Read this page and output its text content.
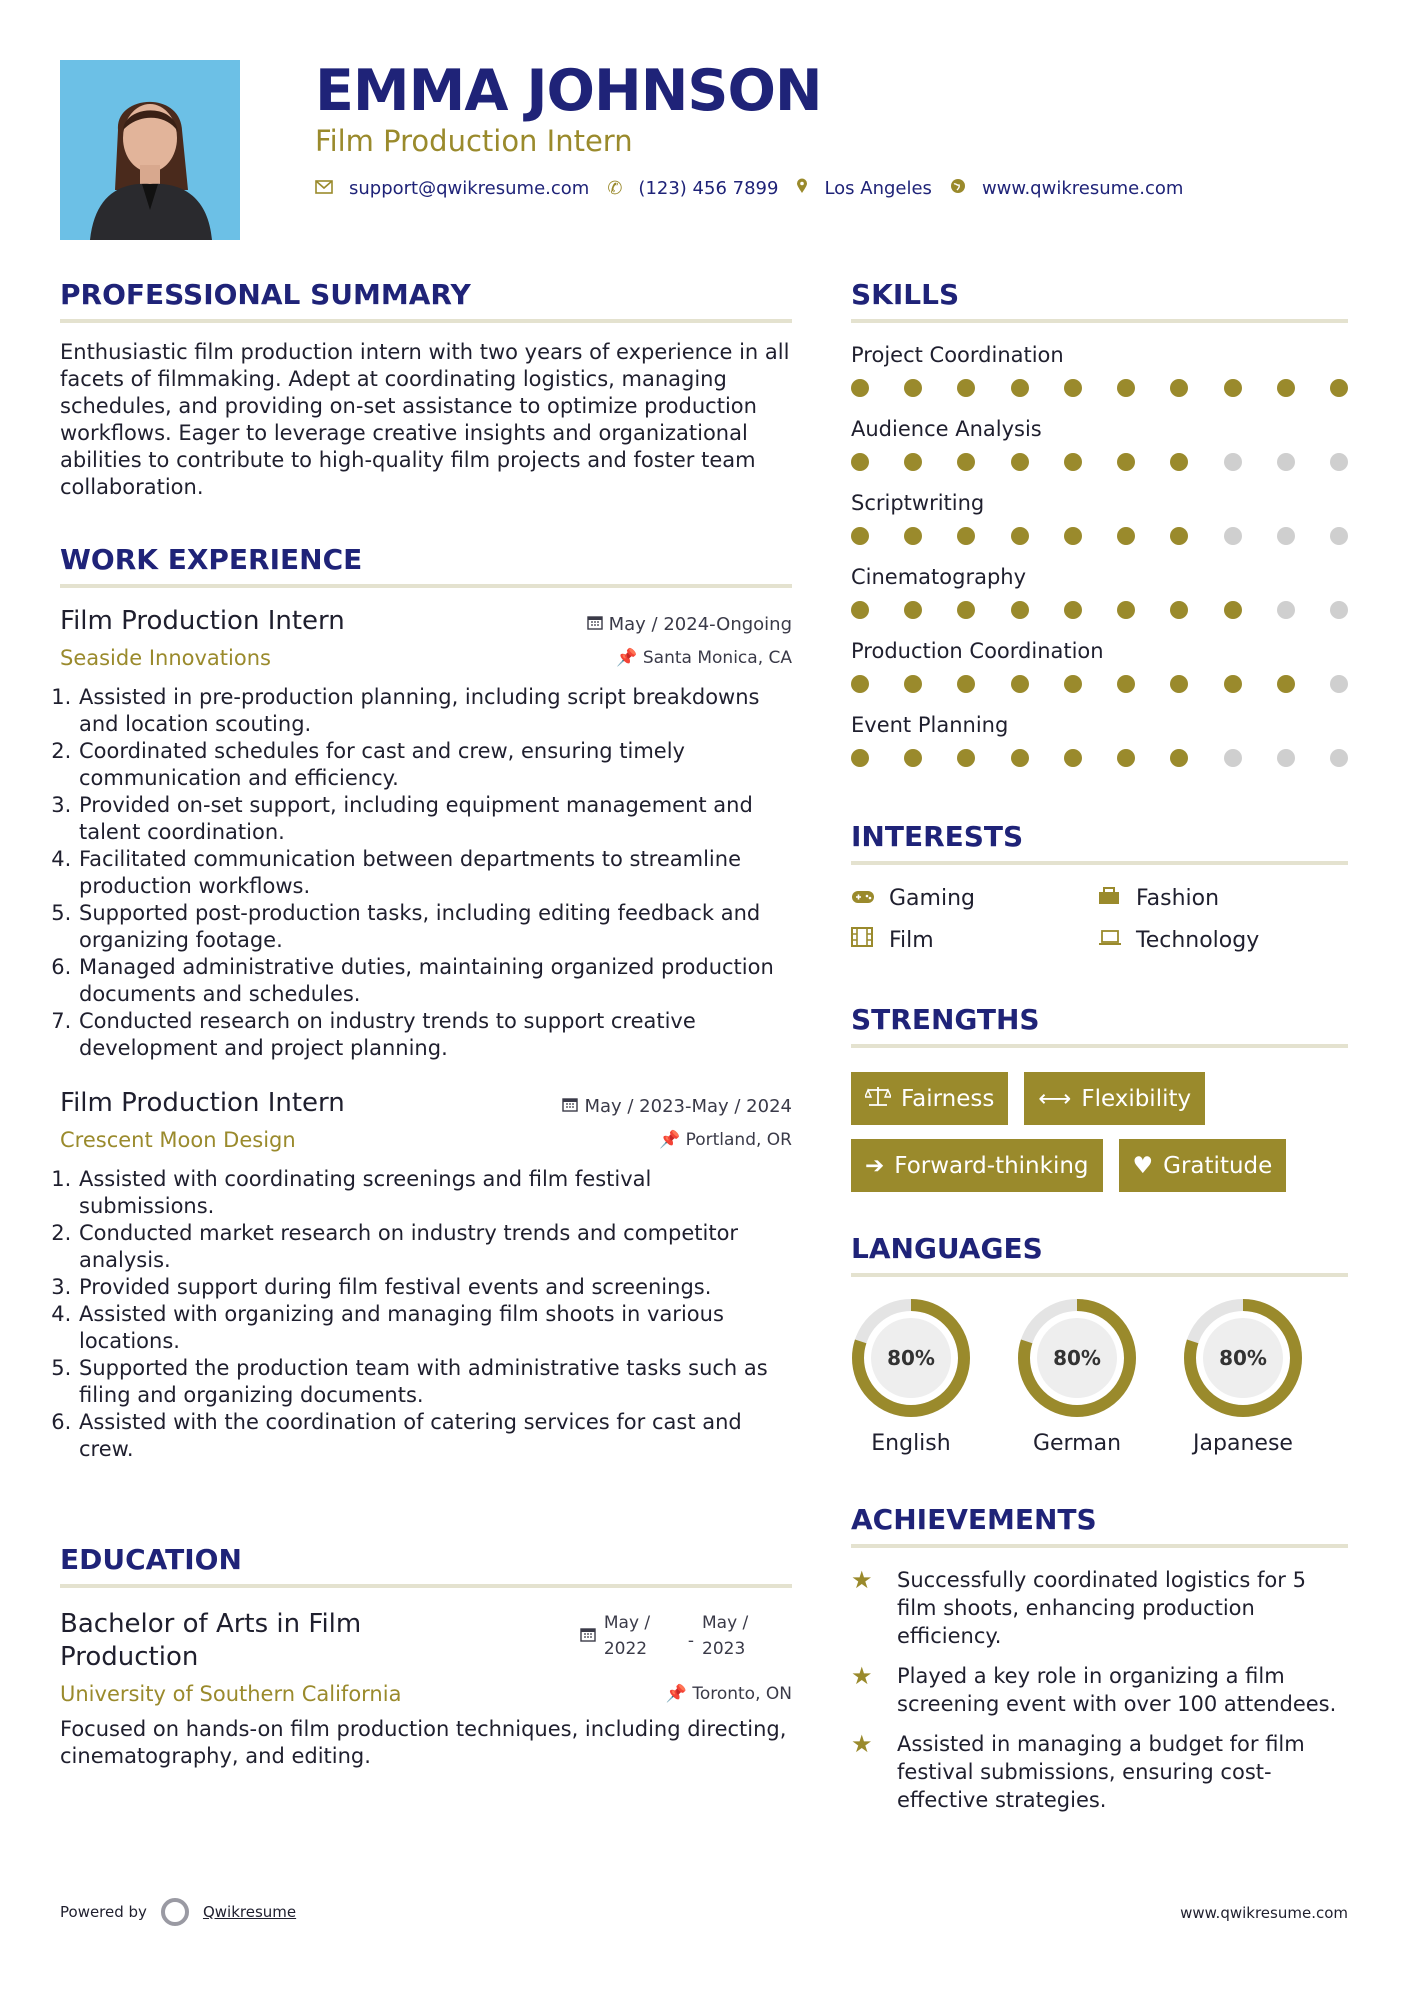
EMMA JOHNSON
Film Production Intern
support@qwikresume.com ✆ (123) 456 7899	Los Angeles	www.qwikresume.com
PROFESSIONAL SUMMARY
Enthusiastic film production intern with two years of experience in all facets of filmmaking. Adept at coordinating logistics, managing schedules, and providing on-set assistance to optimize production workflows. Eager to leverage creative insights and organizational abilities to contribute to high-quality film projects and foster team collaboration.
WORK EXPERIENCE
Film Production Intern	May / 2024-Ongoing
Seaside Innovations	📌 Santa Monica, CA
1. Assisted in pre-production planning, including script breakdowns and location scouting.
2. Coordinated schedules for cast and crew, ensuring timely communication and efficiency.
3. Provided on-set support, including equipment management and talent coordination.
4. Facilitated communication between departments to streamline production workflows.
5. Supported post-production tasks, including editing feedback and organizing footage.
6. Managed administrative duties, maintaining organized production documents and schedules.
7. Conducted research on industry trends to support creative development and project planning.
Film Production Intern	May / 2023-May / 2024
Crescent Moon Design	📌 Portland, OR
1. Assisted with coordinating screenings and film festival submissions.
2. Conducted market research on industry trends and competitor analysis.
3. Provided support during film festival events and screenings.
4. Assisted with organizing and managing film shoots in various locations.
5. Supported the production team with administrative tasks such as filing and organizing documents.
6. Assisted with the coordination of catering services for cast and crew.
EDUCATION
Bachelor of Arts in Film Production
May /
2022	-
May /
2023
University of Southern California	📌 Toronto, ON
Focused on hands-on film production techniques, including directing, cinematography, and editing.
SKILLS
Project Coordination
Audience Analysis
Scriptwriting
Cinematography
Production Coordination
Event Planning
INTERESTS
Gaming	Fashion
Film	Technology
STRENGTHS
Fairness ⟷ Flexibility
➔ Forward-thinking ♥ Gratitude
LANGUAGES
80%
English
80%
German
80%
Japanese
ACHIEVEMENTS
★	Successfully coordinated logistics for 5 film shoots, enhancing production efficiency.
★	Played a key role in organizing a film screening event with over 100 attendees.
★	Assisted in managing a budget for film festival submissions, ensuring cost-effective strategies.
Powered by	Qwikresume	www.qwikresume.com
